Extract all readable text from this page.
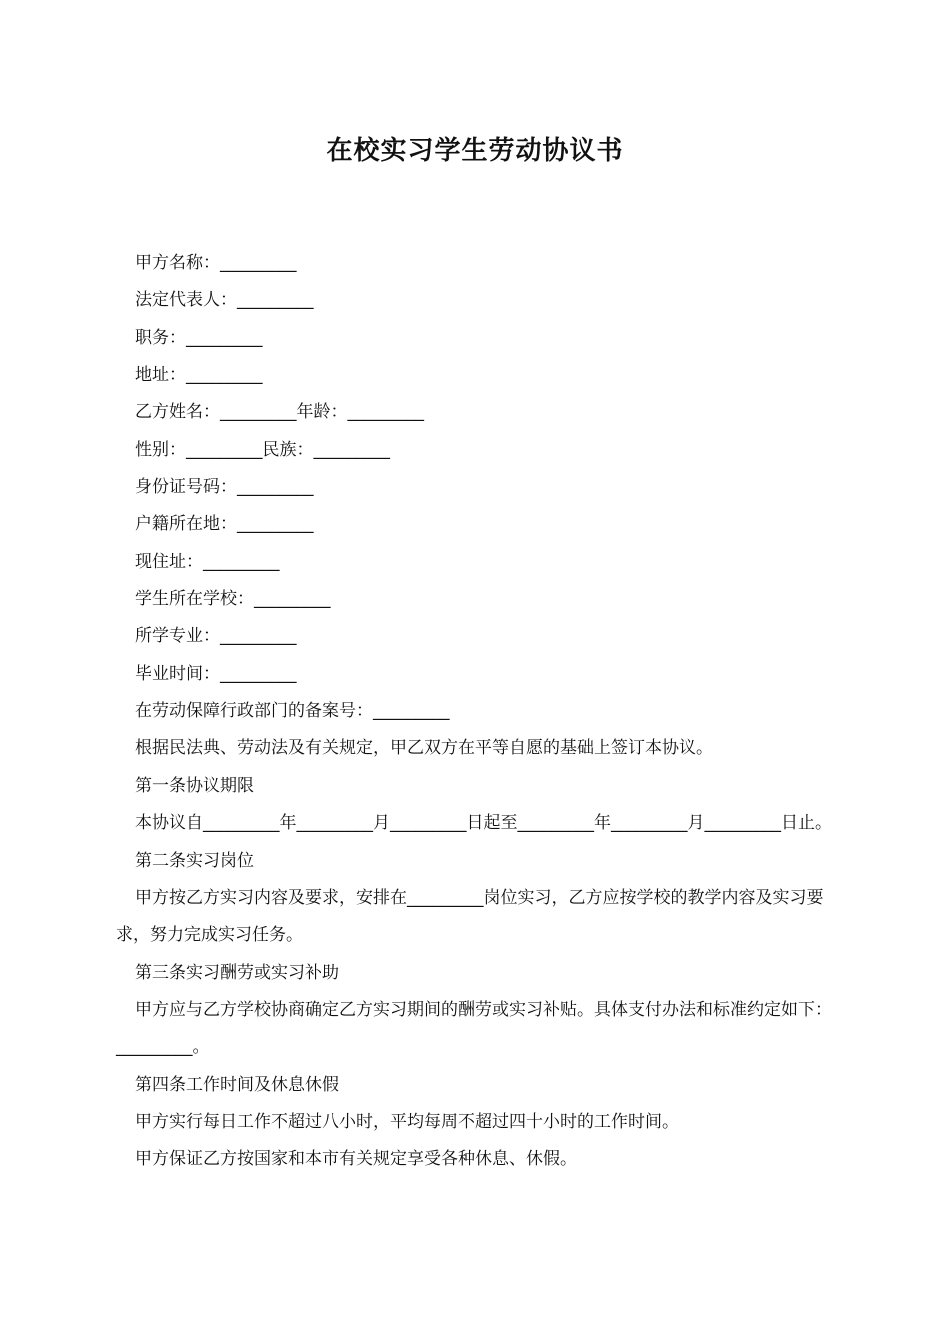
在校实习学生劳动协议书

甲方名称：_________

法定代表人：_________

职务：_________

地址：_________

乙方姓名：_________年龄：_________

性别：_________民族：_________

身份证号码：_________

户籍所在地：_________

现住址：_________

学生所在学校：_________

所学专业：_________

毕业时间：_________

在劳动保障行政部门的备案号：_________

根据民法典、劳动法及有关规定，甲乙双方在平等自愿的基础上签订本协议。

第一条协议期限

本协议自_________年_________月_________日起至_________年_________月_________日止。

第二条实习岗位

甲方按乙方实习内容及要求，安排在_________岗位实习，乙方应按学校的教学内容及实习要求，努力完成实习任务。

第三条实习酬劳或实习补助

甲方应与乙方学校协商确定乙方实习期间的酬劳或实习补贴。具体支付办法和标准约定如下：_________。

第四条工作时间及休息休假

甲方实行每日工作不超过八小时，平均每周不超过四十小时的工作时间。

甲方保证乙方按国家和本市有关规定享受各种休息、休假。
